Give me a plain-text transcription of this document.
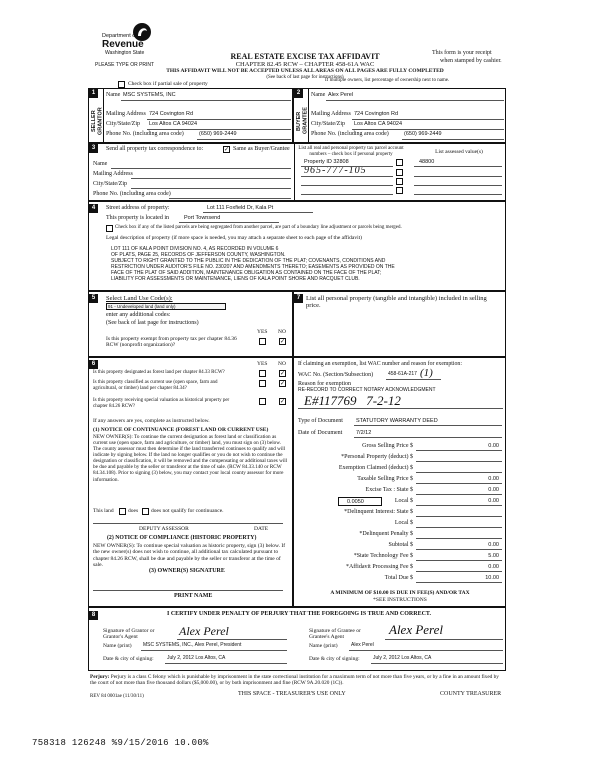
Department of
Revenue
Washington State
PLEASE TYPE OR PRINT
REAL ESTATE EXCISE TAX AFFIDAVIT
CHAPTER 82.45 RCW – CHAPTER 458-61A WAC
THIS AFFIDAVIT WILL NOT BE ACCEPTED UNLESS ALL AREAS ON ALL PAGES ARE FULLY COMPLETED
(See back of last page for instructions)
This form is your receipt
when stamped by cashier.
Check box if partial sale of property
If multiple owners, list percentage of ownership next to name.
1
SELLER GRANTOR
Name MSC SYSTEMS, INC
Mailing Address 724 Covington Rd
City/State/Zip Los Altos CA 94024
Phone No. (including area code)	(650) 969-2449
2
BUYER GRANTEE
Name Alex Perel
Mailing Address 724 Covington Rd
City/State/Zip Los Altos CA 94024
Phone No. (including area code)	(650) 969-2449
3	Send all property tax correspondence to:	✓ Same as Buyer/Grantee
Name
Mailing Address
City/State/Zip
Phone No. (including area code)
List all real and personal property tax parcel account numbers – check box if personal property	List assessed value(s)
Property ID 32808
965-777-105
48800
4	Street address of property:	Lot 111 Foxfield Dr, Kala Pt
This property is located in	Port Townsend
Check box if any of the listed parcels are being segregated from another parcel, are part of a boundary line adjustment or parcels being merged.
Legal description of property (if more space is needed, you may attach a separate sheet to each page of the affidavit)
LOT 111 OF KALA POINT DIVISION NO. 4, AS RECORDED IN VOLUME 6
OF PLATS, PAGE 25, RECORDS OF JEFFERSON COUNTY, WASHINGTON.
SUBJECT TO RIGHT GRANTED TO THE PUBLIC IN THE DEDICATION OF THE PLAT; COVENANTS, CONDITIONS AND
RESTRICTION UNDER AUDITOR'S FILE NO. 230207 AND AMENDMENTS THERETO; EASEMENTS AS PROVIDED ON THE
FACE OF THE PLAT OF SAID ADDITION, MAINTENANCE OBLIGATION AS CONTAINED ON THE FACE OF THE PLAT;
LIABILITY FOR ASSESSMENTS OR MAINTENANCE, LIENS OF KALA POINT SHORE AND RACQUET CLUB.
5	Select Land Use Code(s):
91 - Undeveloped land (land only)
enter any additional codes:
(See back of last page for instructions)
YES NO
Is this property exempt from property tax per chapter 84.36 RCW (nonprofit organization)?
✓
7 List all personal property (tangible and intangible) included in selling price.
6	YES NO
Is this property designated as forest land per chapter 84.33 RCW?	✓
Is this property classified as current use (open space, farm and agricultural, or timber) land per chapter 84.34?
✓
Is this property receiving special valuation as historical property per chapter 84.26 RCW?
✓
If any answers are yes, complete as instructed below.
(1) NOTICE OF CONTINUANCE (FOREST LAND OR CURRENT USE)
NEW OWNER(S): To continue the current designation as forest land or classification as current use (open space, farm and agriculture, or timber) land, you must sign on (3) below. The county assessor must then determine if the land transferred continues to qualify and will indicate by signing below. If the land no longer qualifies or you do not wish to continue the designation or classification, it will be removed and the compensating or additional taxes will be due and payable by the seller or transferor at the time of sale. (RCW 84.33.140 or RCW 84.34.108). Prior to signing (3) below, you may contact your local county assessor for more information.
This land	does does not qualify for continuance.
DEPUTY ASSESSOR	DATE
(2) NOTICE OF COMPLIANCE (HISTORIC PROPERTY)
NEW OWNER(S): To continue special valuation as historic property, sign (3) below. If the new owner(s) does not wish to continue, all additional tax calculated pursuant to chapter 84.26 RCW, shall be due and payable by the seller or transferor at the time of sale.
(3) OWNER(S) SIGNATURE
PRINT NAME
If claiming an exemption, list WAC number and reason for exemption:
WAC No. (Section/Subsection)	458-61A-217 (1)
Reason for exemption
RE-RECORD TO CORRECT NOTARY ACKNOWLEDGMENT
E#117769   7-2-12
Type of Document STATUTORY WARRANTY DEED
Date of Document 7/2/12
Gross Selling Price $	0.00
*Personal Property (deduct) $
Exemption Claimed (deduct) $
Taxable Selling Price $	0.00
Excise Tax : State $	0.00
0.0050	Local $	0.00
*Delinquent Interest: State $
Local $
*Delinquent Penalty $
Subtotal $	0.00
*State Technology Fee $	5.00
*Affidavit Processing Fee $	0.00
Total Due $	10.00
A MINIMUM OF $10.00 IS DUE IN FEE(S) AND/OR TAX
*SEE INSTRUCTIONS
8	I CERTIFY UNDER PENALTY OF PERJURY THAT THE FOREGOING IS TRUE AND CORRECT.
Signature of Grantor or Grantor's Agent	Alex Perel
Name (print) MSC SYSTEMS, INC., Alex Perel, President
Date & city of signing:	July 2, 2012 Los Altos, CA
Signature of Grantee or Grantee's Agent
Alex Perel
Name (print)	Alex Perel
Date & city of signing:	July 2, 2012 Los Altos, CA
Perjury: Perjury is a class C felony which is punishable by imprisonment in the state correctional institution for a maximum term of not more than five years, or by a fine in an amount fixed by the court of not more than five thousand dollars ($5,000.00), or by both imprisonment and fine (RCW 9A.20.020 (1C)).
REV 84 0001ae (11/30/11)	THIS SPACE - TREASURER'S USE ONLY	COUNTY TREASURER
758318 126248 %9/15/2016 10.00%
